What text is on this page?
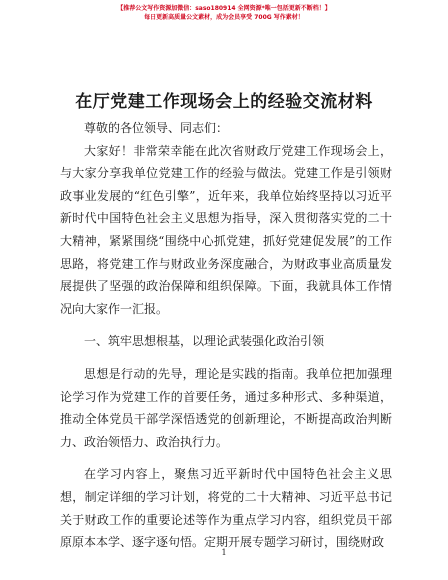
【推荐公文写作资源加微信：saso180914 全网资源*唯一包括更新不断档！】
每日更新高质量公文素材，成为会员享受 700G 写作素材！
在厅党建工作现场会上的经验交流材料

尊敬的各位领导、同志们：

大家好！非常荣幸能在此次省财政厅党建工作现场会上，与大家分享我单位党建工作的经验与做法。党建工作是引领财政事业发展的“红色引擎”，近年来，我单位始终坚持以习近平新时代中国特色社会主义思想为指导，深入贯彻落实党的二十大精神，紧紧围绕“围绕中心抓党建，抓好党建促发展”的工作思路，将党建工作与财政业务深度融合，为财政事业高质量发展提供了坚强的政治保障和组织保障。下面，我就具体工作情况向大家作一汇报。

一、筑牢思想根基，以理论武装强化政治引领

思想是行动的先导，理论是实践的指南。我单位把加强理论学习作为党建工作的首要任务，通过多种形式、多种渠道，推动全体党员干部学深悟透党的创新理论，不断提高政治判断力、政治领悟力、政治执行力。

在学习内容上，聚焦习近平新时代中国特色社会主义思想，制定详细的学习计划，将党的二十大精神、习近平总书记关于财政工作的重要论述等作为重点学习内容，组织党员干部原原本本学、逐字逐句悟。定期开展专题学习研讨，围绕财政

1
